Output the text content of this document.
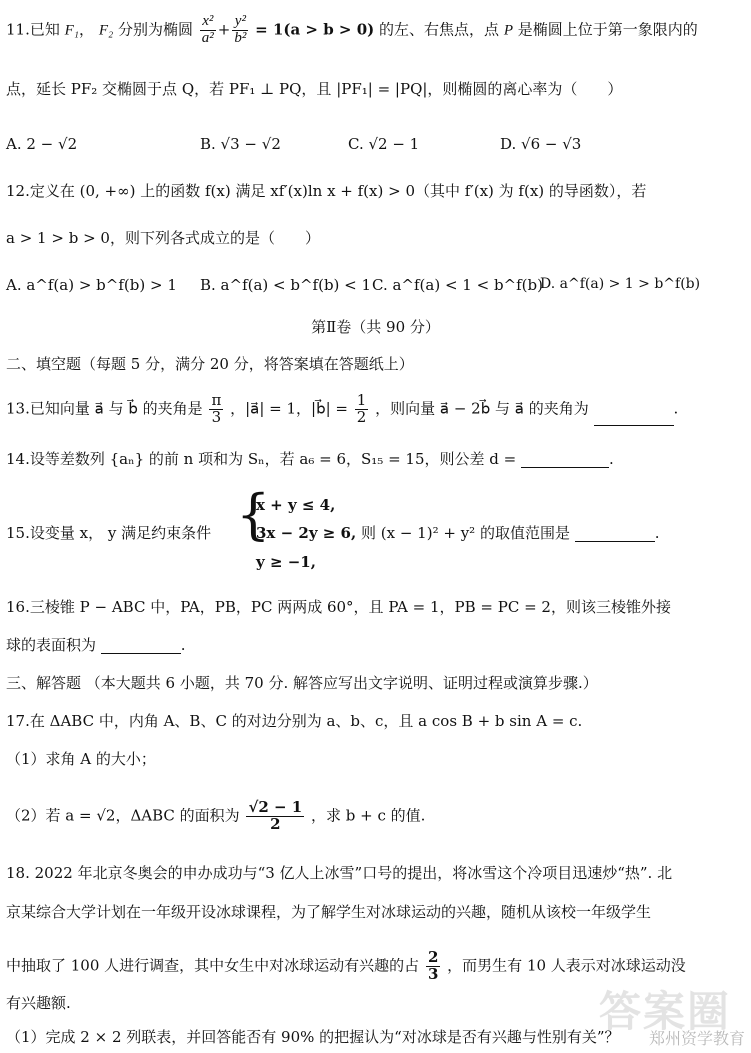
11.已知 F₁， F₂ 分别为椭圆 $\frac{\text{x²}}{\text{a²}} + \frac{\text{y²}}{\text{b²}} = 1(a > b > 0)$ 的左、右焦点，点 P 是椭圆上位于第一象限内的
点，延长 PF₂ 交椭圆于点 Q，若 PF₁ ⊥ PQ，且 |PF₁| = |PQ|，则椭圆的离心率为（　　）
A. 2 − √2	B. √3 − √2	C. √2 − 1	D. √6 − √3
12.定义在 (0, +∞) 上的函数 f(x) 满足 xf′(x)ln x + f(x) > 0（其中 f′(x) 为 f(x) 的导函数），若
a > 1 > b > 0，则下列各式成立的是（　　）
A. a^f(a) > b^f(b) > 1 B. a^f(a) < b^f(b) < 1 C. a^f(a) < 1 < b^f(b)
D. a^f(a) > 1 > b^f(b)
第Ⅱ卷（共 90 分）
二、填空题（每题 5 分，满分 20 分，将答案填在答题纸上）
13.已知向量 a⃗ 与 b⃗ 的夹角是 $\frac{\pi}{3}$ ，|a⃗| = 1，|b⃗| = $\frac{1}{2}$ ，则向量 a⃗ − 2b⃗ 与 a⃗ 的夹角为	.
14.设等差数列 {aₙ} 的前 n 项和为 Sₙ，若 a₆ = 6，S₁₅ = 15，则公差 d =	.
15.设变量 x， y 满足约束条件 {
x + y ≤ 4,
3x − 2y ≥ 6, 则 (x − 1)² + y² 的取值范围是	.
y ≥ −1,
16.三棱锥 P − ABC 中，PA，PB，PC 两两成 60°，且 PA = 1，PB = PC = 2，则该三棱锥外接
球的表面积为	.
三、解答题 （本大题共 6 小题，共 70 分. 解答应写出文字说明、证明过程或演算步骤.）
17.在 ΔABC 中，内角 A、B、C 的对边分别为 a、b、c，且 a cos B + b sin A = c.
（1）求角 A 的大小；
（2）若 a = √2，ΔABC 的面积为 $\frac{√2 - 1}{2}$ ，求 b + c 的值.
18. 2022 年北京冬奥会的申办成功与“3 亿人上冰雪”口号的提出，将冰雪这个冷项目迅速炒“热”. 北
京某综合大学计划在一年级开设冰球课程，为了解学生对冰球运动的兴趣，随机从该校一年级学生
中抽取了 100 人进行调查，其中女生中对冰球运动有兴趣的占 $\frac{2}{3}$ ，而男生有 10 人表示对冰球运动没
有兴趣额.
（1）完成 2 × 2 列联表，并回答能否有 90% 的把握认为“对冰球是否有兴趣与性别有关”？
答案圈
郑州资学教育
